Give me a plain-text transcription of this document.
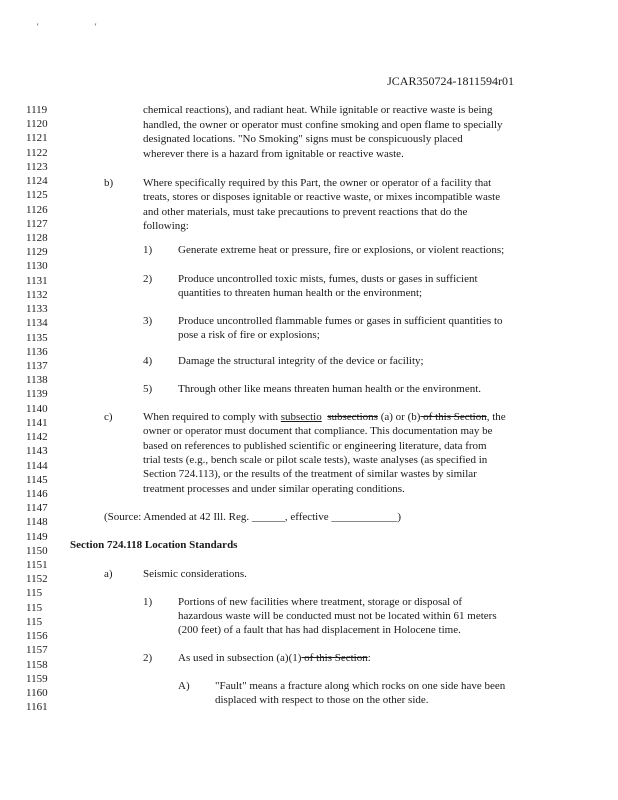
ʻ ʻ
JCAR350724-1811594r01
1119
1120
1121
1122
1123
1124
1125
1126
1127
1128
1129
1130
1131
1132
1133
1134
1135
1136
1137
1138
1139
1140
1141
1142
1143
1144
1145
1146
1147
1148
1149
1150
1151
1152
115
115
115
1156
1157
1158
1159
1160
1161
chemical reactions), and radiant heat. While ignitable or reactive waste is being
handled, the owner or operator must confine smoking and open flame to specially
designated locations. "No Smoking" signs must be conspicuously placed
wherever there is a hazard from ignitable or reactive waste.
b)	Where specifically required by this Part, the owner or operator of a facility that
treats, stores or disposes ignitable or reactive waste, or mixes incompatible waste
and other materials, must take precautions to prevent reactions that do the
following:
1) Generate extreme heat or pressure, fire or explosions, or violent reactions;
2) Produce uncontrolled toxic mists, fumes, dusts or gases in sufficient
quantities to threaten human health or the environment;
3) Produce uncontrolled flammable fumes or gases in sufficient quantities to
pose a risk of fire or explosions;
4) Damage the structural integrity of the device or facility;
5) Through other like means threaten human health or the environment.
c)	When required to comply with subsectio subsections (a) or (b) of this Section, the
owner or operator must document that compliance. This documentation may be
based on references to published scientific or engineering literature, data from
trial tests (e.g., bench scale or pilot scale tests), waste analyses (as specified in
Section 724.113), or the results of the treatment of similar wastes by similar
treatment processes and under similar operating conditions.
(Source: Amended at 42 Ill. Reg. ______, effective ____________)
Section 724.118 Location Standards
a)	Seismic considerations.
1) Portions of new facilities where treatment, storage or disposal of
hazardous waste will be conducted must not be located within 61 meters
(200 feet) of a fault that has had displacement in Holocene time.
2) As used in subsection (a)(1) of this Section:
A) "Fault" means a fracture along which rocks on one side have been
displaced with respect to those on the other side.
